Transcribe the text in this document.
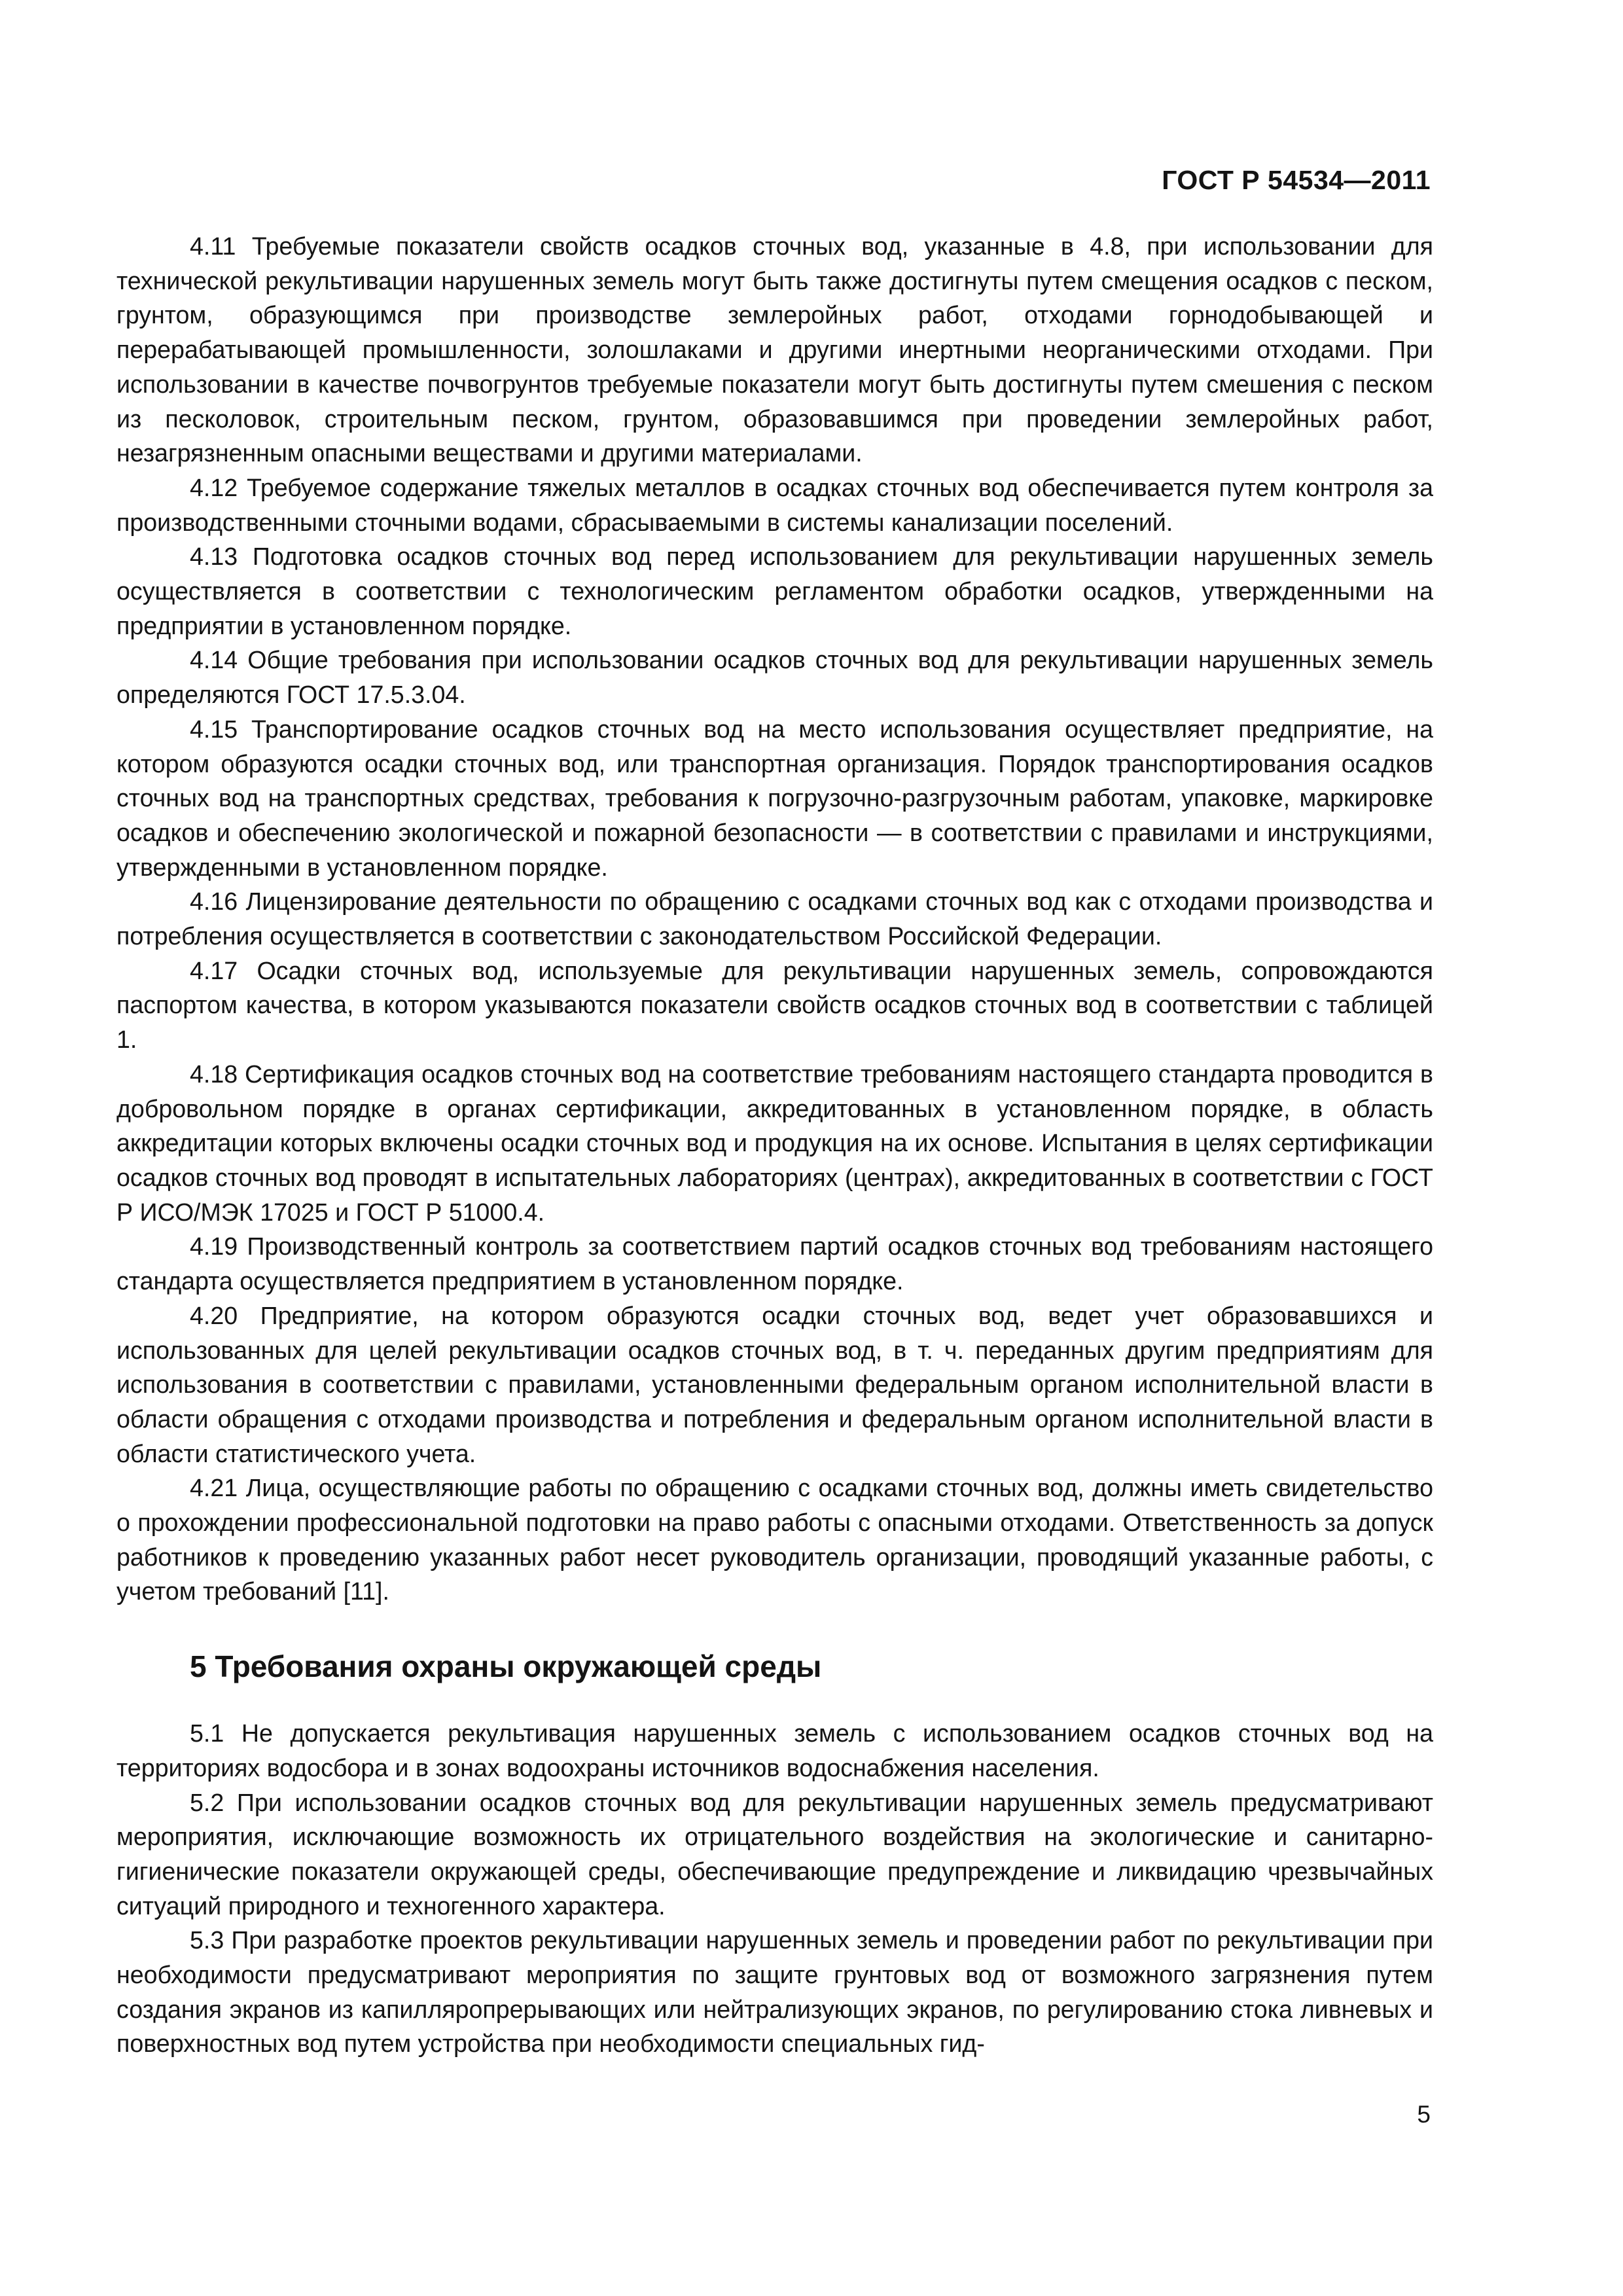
ГОСТ Р 54534—2011

4.11 Требуемые показатели свойств осадков сточных вод, указанные в 4.8, при использовании для технической рекультивации нарушенных земель могут быть также достигнуты путем смещения осадков с песком, грунтом, образующимся при производстве землеройных работ, отходами горнодобывающей и перерабатывающей промышленности, золошлаками и другими инертными неорганическими отходами. При использовании в качестве почвогрунтов требуемые показатели могут быть достигнуты путем смешения с песком из песколовок, строительным песком, грунтом, образовавшимся при проведении землеройных работ, незагрязненным опасными веществами и другими материалами.

4.12 Требуемое содержание тяжелых металлов в осадках сточных вод обеспечивается путем контроля за производственными сточными водами, сбрасываемыми в системы канализации поселений.

4.13 Подготовка осадков сточных вод перед использованием для рекультивации нарушенных земель осуществляется в соответствии с технологическим регламентом обработки осадков, утвержденными на предприятии в установленном порядке.

4.14 Общие требования при использовании осадков сточных вод для рекультивации нарушенных земель определяются ГОСТ 17.5.3.04.

4.15 Транспортирование осадков сточных вод на место использования осуществляет предприятие, на котором образуются осадки сточных вод, или транспортная организация. Порядок транспортирования осадков сточных вод на транспортных средствах, требования к погрузочно-разгрузочным работам, упаковке, маркировке осадков и обеспечению экологической и пожарной безопасности — в соответствии с правилами и инструкциями, утвержденными в установленном порядке.

4.16 Лицензирование деятельности по обращению с осадками сточных вод как с отходами производства и потребления осуществляется в соответствии с законодательством Российской Федерации.

4.17 Осадки сточных вод, используемые для рекультивации нарушенных земель, сопровождаются паспортом качества, в котором указываются показатели свойств осадков сточных вод в соответствии с таблицей 1.

4.18 Сертификация осадков сточных вод на соответствие требованиям настоящего стандарта проводится в добровольном порядке в органах сертификации, аккредитованных в установленном порядке, в область аккредитации которых включены осадки сточных вод и продукция на их основе. Испытания в целях сертификации осадков сточных вод проводят в испытательных лабораториях (центрах), аккредитованных в соответствии с ГОСТ Р ИСО/МЭК 17025 и ГОСТ Р 51000.4.

4.19 Производственный контроль за соответствием партий осадков сточных вод требованиям настоящего стандарта осуществляется предприятием в установленном порядке.

4.20 Предприятие, на котором образуются осадки сточных вод, ведет учет образовавшихся и использованных для целей рекультивации осадков сточных вод, в т. ч. переданных другим предприятиям для использования в соответствии с правилами, установленными федеральным органом исполнительной власти в области обращения с отходами производства и потребления и федеральным органом исполнительной власти в области статистического учета.

4.21 Лица, осуществляющие работы по обращению с осадками сточных вод, должны иметь свидетельство о прохождении профессиональной подготовки на право работы с опасными отходами. Ответственность за допуск работников к проведению указанных работ несет руководитель организации, проводящий указанные работы, с учетом требований [11].

5 Требования охраны окружающей среды

5.1 Не допускается рекультивация нарушенных земель с использованием осадков сточных вод на территориях водосбора и в зонах водоохраны источников водоснабжения населения.

5.2 При использовании осадков сточных вод для рекультивации нарушенных земель предусматривают мероприятия, исключающие возможность их отрицательного воздействия на экологические и санитарно-гигиенические показатели окружающей среды, обеспечивающие предупреждение и ликвидацию чрезвычайных ситуаций природного и техногенного характера.

5.3 При разработке проектов рекультивации нарушенных земель и проведении работ по рекультивации при необходимости предусматривают мероприятия по защите грунтовых вод от возможного загрязнения путем создания экранов из капилляропрерывающих или нейтрализующих экранов, по регулированию стока ливневых и поверхностных вод путем устройства при необходимости специальных гид-

5
